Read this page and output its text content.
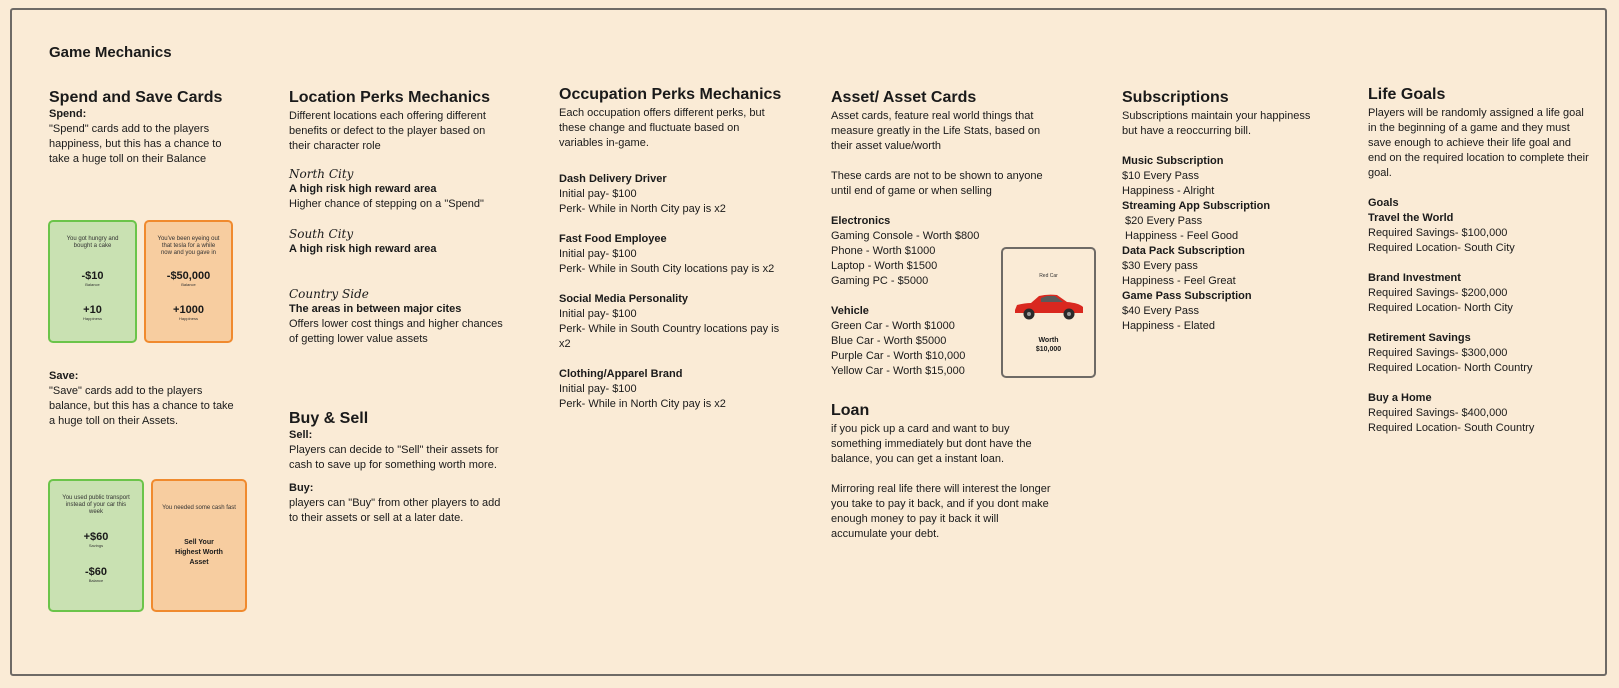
Game Mechanics
Spend and Save Cards

Spend:

"Spend" cards add to the players happiness, but this has a chance to take a huge toll on their Balance

You got hungry and bought a cake
-$10
Balance
+10
Happiness
You've been eyeing out that tesla for a while now and you gave in
-$50,000
Balance
+1000
Happiness

Save:

"Save" cards add to the players balance, but this has a chance to take a huge toll on their Assets.

You used public transport instead of your car this week
+$60
Savings
-$60
Balance
You needed some cash fast
Sell Your Highest Worth Asset
Location Perks Mechanics

Different locations each offering different benefits or defect to the player based on their character role

North City

A high risk high reward area

Higher chance of stepping on a "Spend"

South City

A high risk high reward area

Country Side

The areas in between major cites

Offers lower cost things and higher chances of getting lower value assets

Buy & Sell

Sell:

Players can decide to "Sell" their assets for cash to save up for something worth more.

Buy:

players can "Buy" from other players to add to their assets or sell at a later date.

Occupation Perks Mechanics

Each occupation offers different perks, but these change and fluctuate based on variables in-game.

Dash Delivery Driver

Initial pay- $100

Perk- While in North City pay is x2

Fast Food Employee

Initial pay- $100

Perk- While in South City locations pay is x2

Social Media Personality

Initial pay- $100

Perk- While in South Country locations pay is x2

Clothing/Apparel Brand

Initial pay- $100

Perk- While in North City pay is x2

Asset/ Asset Cards

Asset cards, feature real world things that measure greatly in the Life Stats, based on their asset value/worth

These cards are not to be shown to anyone until end of game or when selling

Electronics

Gaming Console - Worth $800

Phone - Worth $1000

Laptop - Worth $1500

Gaming PC - $5000

Vehicle

Green Car - Worth $1000

Blue Car - Worth $5000

Purple Car - Worth $10,000

Yellow Car - Worth $15,000

Red Car
Worth
$10,000
Loan

if you pick up a card and want to buy something immediately but dont have the balance, you can get a instant loan.

Mirroring real life there will interest the longer you take to pay it back, and if you dont make enough money to pay it back it will accumulate your debt.

Subscriptions

Subscriptions maintain your happiness but have a reoccurring bill.

Music Subscription

$10 Every Pass

Happiness - Alright

Streaming App Subscription

$20 Every Pass

Happiness - Feel Good

Data Pack Subscription

$30 Every pass

Happiness - Feel Great

Game Pass Subscription

$40 Every Pass

Happiness - Elated

Life Goals

Players will be randomly assigned a life goal in the beginning of a game and they must save enough to achieve their life goal and end on the required location to complete their goal.

Goals

Travel the World

Required Savings- $100,000

Required Location- South City

Brand Investment

Required Savings- $200,000

Required Location- North City

Retirement Savings

Required Savings- $300,000

Required Location- North Country

Buy a Home

Required Savings- $400,000

Required Location- South Country
